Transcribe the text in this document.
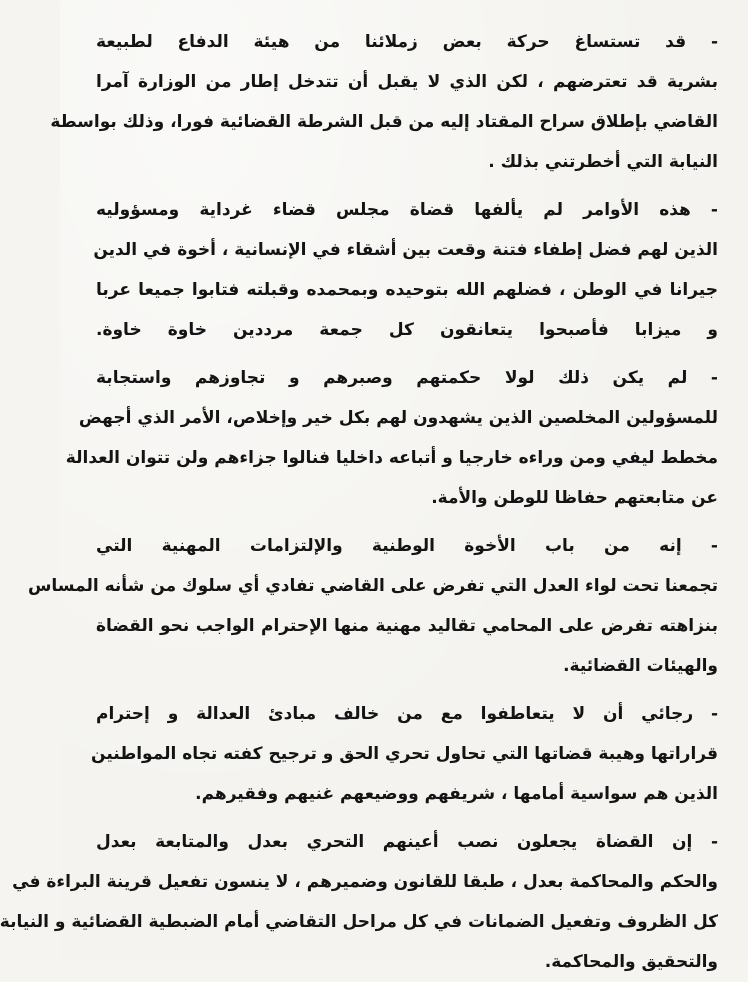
- قد تستساغ حركة بعض زملائنا من هيئة الدفاع لطبيعة
بشرية قد تعترضهم ، لكن الذي لا يقبل أن تتدخل إطار من الوزارة آمرا
القاضي بإطلاق سراح المقتاد إليه من قبل الشرطة القضائية فورا، وذلك بواسطة
النيابة التي أخطرتني بذلك .
- هذه الأوامر لم يألفها قضاة مجلس قضاء غرداية ومسؤوليه
الذين لهم فضل إطفاء فتنة وقعت بين أشقاء في الإنسانية ، أخوة في الدين
جيرانا في الوطن ، فضلهم الله بتوحيده وبمحمده وقبلته فتابوا جميعا عربا
و ميزابا فأصبحوا يتعانقون كل جمعة مرددين خاوة خاوة.
- لم يكن ذلك لولا حكمتهم وصبرهم و تجاوزهم واستجابة
للمسؤولين المخلصين الذين يشهدون لهم بكل خير وإخلاص، الأمر الذي أجهض
مخطط ليفي ومن وراءه خارجيا و أتباعه داخليا فنالوا جزاءهم ولن تتوان العدالة
عن متابعتهم حفاظا للوطن والأمة.
- إنه من باب الأخوة الوطنية والإلتزامات المهنية التي
تجمعنا تحت لواء العدل التي تفرض على القاضي تفادي أي سلوك من شأنه المساس
بنزاهته تفرض على المحامي تقاليد مهنية منها الإحترام الواجب نحو القضاة
والهيئات القضائية.
- رجائي أن لا يتعاطفوا مع من خالف مبادئ العدالة و إحترام
قراراتها وهيبة قضاتها التي تحاول تحري الحق و ترجيح كفته تجاه المواطنين
الذين هم سواسية أمامها ، شريفهم ووضيعهم غنيهم وفقيرهم.
- إن القضاة يجعلون نصب أعينهم التحري بعدل والمتابعة بعدل
والحكم والمحاكمة بعدل ، طبقا للقانون وضميرهم ، لا ينسون تفعيل قرينة البراءة في
كل الظروف وتفعيل الضمانات في كل مراحل التقاضي أمام الضبطية القضائية و النيابة
والتحقيق والمحاكمة.
